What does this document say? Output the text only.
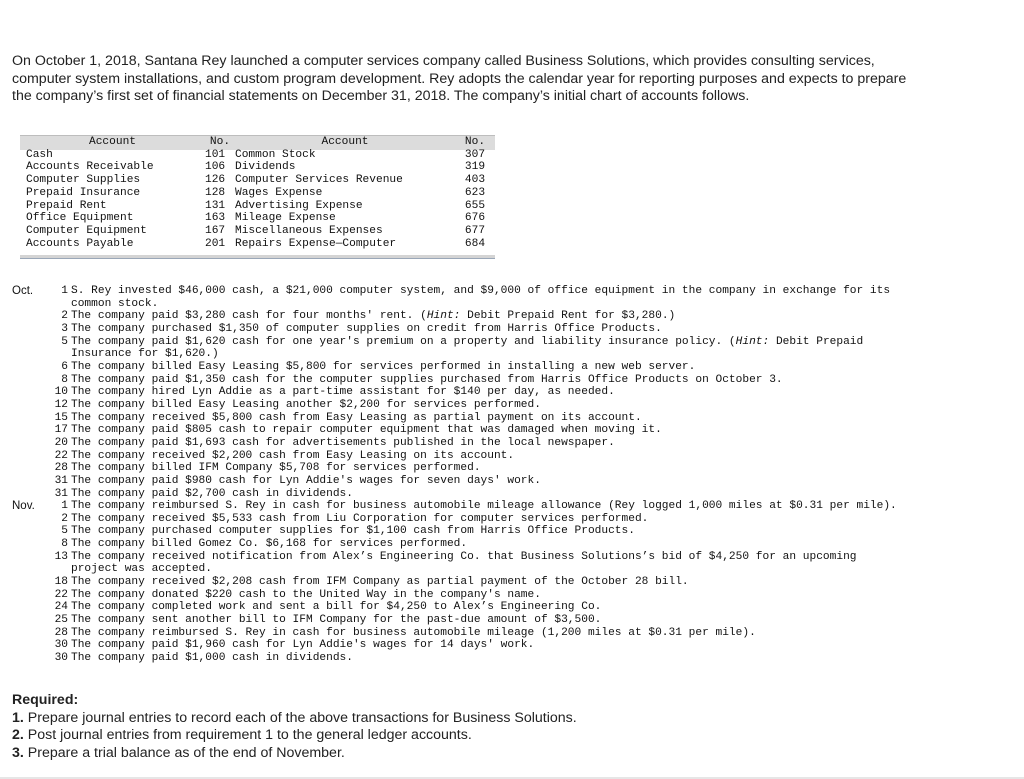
On October 1, 2018, Santana Rey launched a computer services company called Business Solutions, which provides consulting services, computer system installations, and custom program development. Rey adopts the calendar year for reporting purposes and expects to prepare the company’s first set of financial statements on December 31, 2018. The company’s initial chart of accounts follows.

Account	No.	Account	No.
Cash	101	Common Stock	307
Accounts Receivable	106	Dividends	319
Computer Supplies	126	Computer Services Revenue	403
Prepaid Insurance	128	Wages Expense	623
Prepaid Rent	131	Advertising Expense	655
Office Equipment	163	Mileage Expense	676
Computer Equipment	167	Miscellaneous Expenses	677
Accounts Payable	201	Repairs Expense—Computer	684
Oct.	1 S. Rey invested $46,000 cash, a $21,000 computer system, and $9,000 of office equipment in the company in exchange for its common stock.
2 The company paid $3,280 cash for four months' rent. (Hint: Debit Prepaid Rent for $3,280.)
3 The company purchased $1,350 of computer supplies on credit from Harris Office Products.
5 The company paid $1,620 cash for one year's premium on a property and liability insurance policy. (Hint: Debit Prepaid Insurance for $1,620.)
6 The company billed Easy Leasing $5,800 for services performed in installing a new web server.
8 The company paid $1,350 cash for the computer supplies purchased from Harris Office Products on October 3.
10 The company hired Lyn Addie as a part-time assistant for $140 per day, as needed.
12 The company billed Easy Leasing another $2,200 for services performed.
15 The company received $5,800 cash from Easy Leasing as partial payment on its account.
17 The company paid $805 cash to repair computer equipment that was damaged when moving it.
20 The company paid $1,693 cash for advertisements published in the local newspaper.
22 The company received $2,200 cash from Easy Leasing on its account.
28 The company billed IFM Company $5,708 for services performed.
31 The company paid $980 cash for Lyn Addie's wages for seven days' work.
31 The company paid $2,700 cash in dividends.
Nov.	1 The company reimbursed S. Rey in cash for business automobile mileage allowance (Rey logged 1,000 miles at $0.31 per mile).
2 The company received $5,533 cash from Liu Corporation for computer services performed.
5 The company purchased computer supplies for $1,100 cash from Harris Office Products.
8 The company billed Gomez Co. $6,168 for services performed.
13 The company received notification from Alex’s Engineering Co. that Business Solutions’s bid of $4,250 for an upcoming project was accepted.
18 The company received $2,208 cash from IFM Company as partial payment of the October 28 bill.
22 The company donated $220 cash to the United Way in the company's name.
24 The company completed work and sent a bill for $4,250 to Alex’s Engineering Co.
25 The company sent another bill to IFM Company for the past-due amount of $3,500.
28 The company reimbursed S. Rey in cash for business automobile mileage (1,200 miles at $0.31 per mile).
30 The company paid $1,960 cash for Lyn Addie's wages for 14 days' work.
30 The company paid $1,000 cash in dividends.
Required:
1. Prepare journal entries to record each of the above transactions for Business Solutions.
2. Post journal entries from requirement 1 to the general ledger accounts.
3. Prepare a trial balance as of the end of November.
